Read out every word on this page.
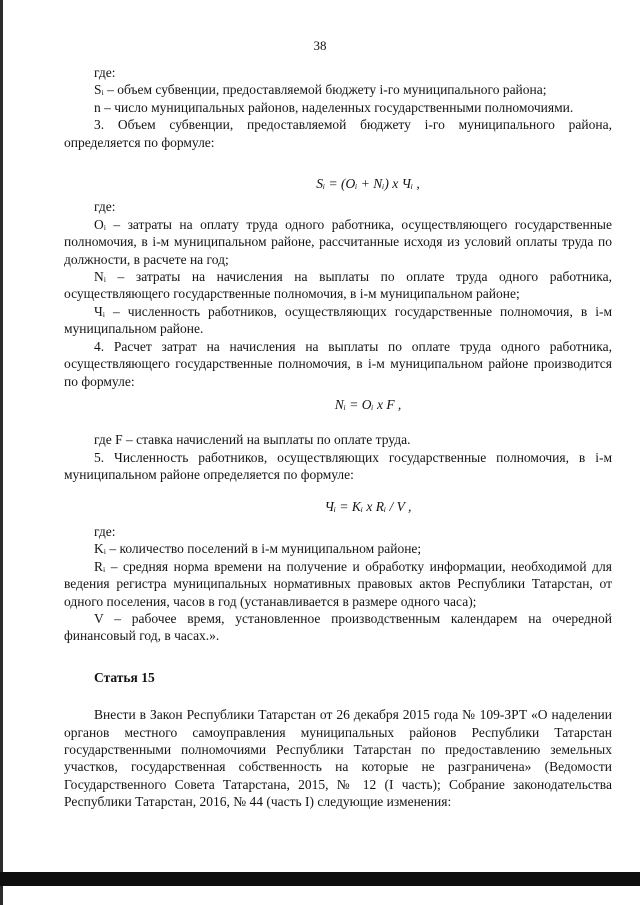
38

где:

Sᵢ – объем субвенции, предоставляемой бюджету i-го муниципального района;

n – число муниципальных районов, наделенных государственными полномочиями.

3. Объем субвенции, предоставляемой бюджету i-го муниципального района, определяется по формуле:

Sᵢ = (Oᵢ + Nᵢ) x Чᵢ ,

где:

Oᵢ – затраты на оплату труда одного работника, осуществляющего государственные полномочия, в i-м муниципальном районе, рассчитанные исходя из условий оплаты труда по должности, в расчете на год;

Nᵢ – затраты на начисления на выплаты по оплате труда одного работника, осуществляющего государственные полномочия, в i-м муниципальном районе;

Чᵢ – численность работников, осуществляющих государственные полномочия, в i-м муниципальном районе.

4. Расчет затрат на начисления на выплаты по оплате труда одного работника, осуществляющего государственные полномочия, в i-м муниципальном районе производится по формуле:

Nᵢ = Oᵢ x F ,

где F – ставка начислений на выплаты по оплате труда.

5. Численность работников, осуществляющих государственные полномочия, в i-м муниципальном районе определяется по формуле:

Чᵢ = Kᵢ x Rᵢ / V ,

где:

Kᵢ – количество поселений в i-м муниципальном районе;

Rᵢ – средняя норма времени на получение и обработку информации, необходимой для ведения регистра муниципальных нормативных правовых актов Республики Татарстан, от одного поселения, часов в год (устанавливается в размере одного часа);

V – рабочее время, установленное производственным календарем на очередной финансовый год, в часах.».

Статья 15

Внести в Закон Республики Татарстан от 26 декабря 2015 года № 109-ЗРТ «О наделении органов местного самоуправления муниципальных районов Республики Татарстан государственными полномочиями Республики Татарстан по предоставлению земельных участков, государственная собственность на которые не разграничена» (Ведомости Государственного Совета Татарстана, 2015, № 12 (I часть); Собрание законодательства Республики Татарстан, 2016, № 44 (часть I) следующие изменения:
